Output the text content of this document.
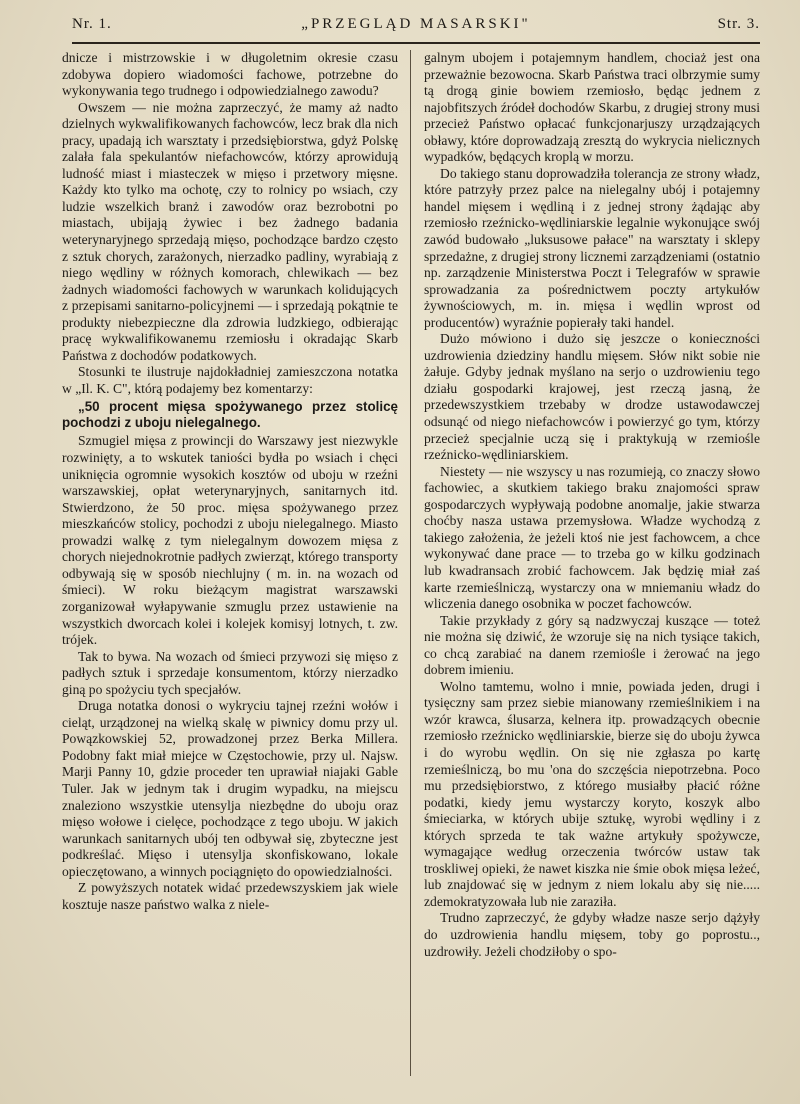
Nr. 1.	„PRZEGLĄD MASARSKI"	Str. 3.

dnicze i mistrzowskie i w długoletnim okresie czasu zdobywa dopiero wiadomości fachowe, potrzebne do wykonywania tego trudnego i odpowiedzialnego zawodu?

Owszem — nie można zaprzeczyć, że mamy aż nadto dzielnych wykwalifikowanych fachowców, lecz brak dla nich pracy, upadają ich warsztaty i przedsiębiorstwa, gdyż Polskę zalała fala spekulantów niefachowców, którzy aprowidują ludność miast i miasteczek w mięso i przetwory mięsne. Każdy kto tylko ma ochotę, czy to rolnicy po wsiach, czy ludzie wszelkich branż i zawodów oraz bezrobotni po miastach, ubijają żywiec i bez żadnego badania weterynaryjnego sprzedają mięso, pochodzące bardzo często z sztuk chorych, zarażonych, nierzadko padliny, wyrabiają z niego wędliny w różnych komorach, chlewikach — bez żadnych wiadomości fachowych w warunkach kolidujących z przepisami sanitarno-policyjnemi — i sprzedają pokątnie te produkty niebezpieczne dla zdrowia ludzkiego, odbierając pracę wykwalifikowanemu rzemiosłu i okradając Skarb Państwa z dochodów podatkowych.

Stosunki te ilustruje najdokładniej zamieszczona notatka w „Il. K. C", którą podajemy bez komentarzy:

„50 procent mięsa spożywanego przez stolicę pochodzi z uboju nielegalnego.

Szmugiel mięsa z prowincji do Warszawy jest niezwykle rozwinięty, a to wskutek taniości bydła po wsiach i chęci uniknięcia ogromnie wysokich kosztów od uboju w rzeźni warszawskiej, opłat weterynaryjnych, sanitarnych itd. Stwierdzono, że 50 proc. mięsa spożywanego przez mieszkańców stolicy, pochodzi z uboju nielegalnego. Miasto prowadzi walkę z tym nielegalnym dowozem mięsa z chorych niejednokrotnie padłych zwierząt, którego transporty odbywają się w sposób niechlujny ( m. in. na wozach od śmieci). W roku bieżącym magistrat warszawski zorganizował wyłapywanie szmuglu przez ustawienie na wszystkich dworcach kolei i kolejek komisyj lotnych, t. zw. trójek.

Tak to bywa. Na wozach od śmieci przywozi się mięso z padłych sztuk i sprzedaje konsumentom, którzy nierzadko giną po spożyciu tych specjałów.

Druga notatka donosi o wykryciu tajnej rzeźni wołów i cieląt, urządzonej na wielką skalę w piwnicy domu przy ul. Powązkowskiej 52, prowadzonej przez Berka Millera. Podobny fakt miał miejce w Częstochowie, przy ul. Najsw. Marji Panny 10, gdzie proceder ten uprawiał niajaki Gable Tuler. Jak w jednym tak i drugim wypadku, na miejscu znaleziono wszystkie utensylja niezbędne do uboju oraz mięso wołowe i cielęce, pochodzące z tego uboju. W jakich warunkach sanitarnych ubój ten odbywał się, zbyteczne jest podkreślać. Mięso i utensylja skonfiskowano, lokale opieczętowano, a winnych pociągnięto do opowiedzialności.

Z powyższych notatek widać przedewszyskiem jak wiele kosztuje nasze państwo walka z niele-

galnym ubojem i potajemnym handlem, chociaż jest ona przeważnie bezowocna. Skarb Państwa traci olbrzymie sumy tą drogą ginie bowiem rzemiosło, będąc jednem z najobfitszych źródeł dochodów Skarbu, z drugiej strony musi przecież Państwo opłacać funkcjonarjuszy urządzających obławy, które doprowadzają zresztą do wykrycia nielicznych wypadków, będących kroplą w morzu.

Do takiego stanu doprowadziła tolerancja ze strony władz, które patrzyły przez palce na nielegalny ubój i potajemny handel mięsem i wędliną i z jednej strony żądając aby rzemiosło rzeźnicko-wędliniarskie legalnie wykonujące swój zawód budowało „luksusowe pałace" na warsztaty i sklepy sprzedażne, z drugiej strony licznemi zarządzeniami (ostatnio np. zarządzenie Ministerstwa Poczt i Telegrafów w sprawie sprowadzania za pośrednictwem poczty artykułów żywnościowych, m. in. mięsa i wędlin wprost od producentów) wyraźnie popierały taki handel.

Dużo mówiono i dużo się jeszcze o konieczności uzdrowienia dziedziny handlu mięsem. Słów nikt sobie nie żałuje. Gdyby jednak myślano na serjo o uzdrowieniu tego działu gospodarki krajowej, jest rzeczą jasną, że przedewszystkiem trzebaby w drodze ustawodawczej odsunąć od niego niefachowców i powierzyć go tym, którzy przecież specjalnie uczą się i praktykują w rzemiośle rzeźnicko-wędliniarskiem.

Niestety — nie wszyscy u nas rozumieją, co znaczy słowo fachowiec, a skutkiem takiego braku znajomości spraw gospodarczych wypływają podobne anomalje, jakie stwarza choćby nasza ustawa przemysłowa. Władze wychodzą z takiego założenia, że jeżeli ktoś nie jest fachowcem, a chce wykonywać dane prace — to trzeba go w kilku godzinach lub kwadransach zrobić fachowcem. Jak będzię miał zaś karte rzemieślniczą, wystarczy ona w mniemaniu władz do wliczenia danego osobnika w poczet fachowców.

Takie przykłady z góry są nadzwyczaj kuszące — toteż nie można się dziwić, że wzoruje się na nich tysiące takich, co chcą zarabiać na danem rzemiośle i żerować na jego dobrem imieniu.

Wolno tamtemu, wolno i mnie, powiada jeden, drugi i tysięczny sam przez siebie mianowany rzemieślnikiem i na wzór krawca, ślusarza, kelnera itp. prowadzących obecnie rzemiosło rzeźnicko wędliniarskie, bierze się do uboju żywca i do wyrobu wędlin. On się nie zgłasza po kartę rzemieślniczą, bo mu 'ona do szczęścia niepotrzebna. Poco mu przedsiębiorstwo, z którego musiałby płacić różne podatki, kiedy jemu wystarczy koryto, koszyk albo śmieciarka, w których ubije sztukę, wyrobi wędliny i z których sprzeda te tak ważne artykuły spożywcze, wymagające według orzeczenia twórców ustaw tak troskliwej opieki, że nawet kiszka nie śmie obok mięsa leżeć, lub znajdować się w jednym z niem lokalu aby się nie..... zdemokratyzowała lub nie zaraziła.

Trudno zaprzeczyć, że gdyby władze nasze serjo dążyły do uzdrowienia handlu mięsem, toby go poprostu.., uzdrowiły. Jeżeli chodziłoby o spo-
